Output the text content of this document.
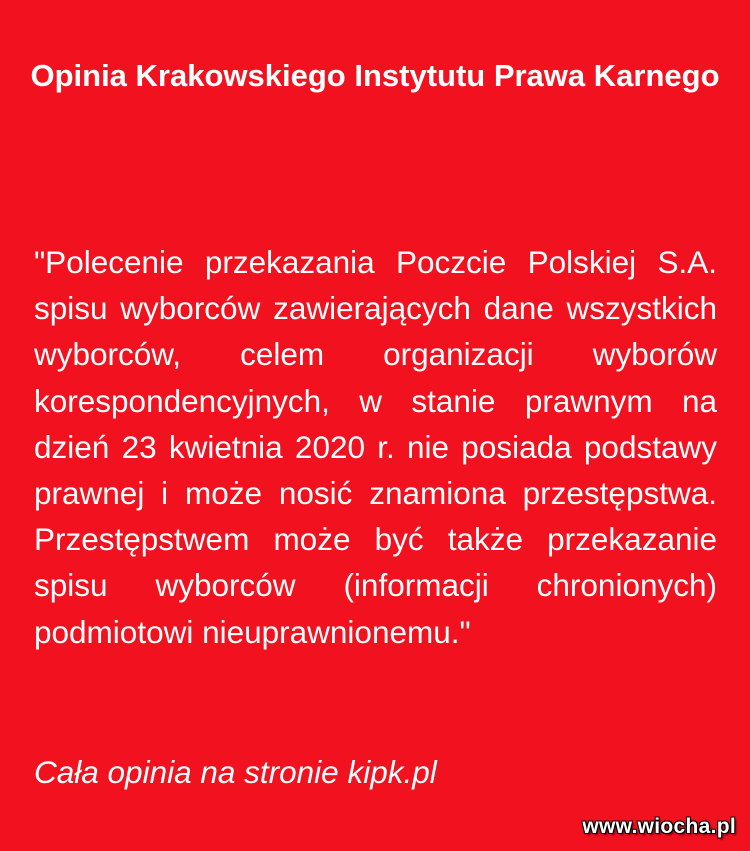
Opinia Krakowskiego Instytutu Prawa Karnego

"Polecenie przekazania Poczcie Polskiej S.A. spisu wyborców zawierających dane wszystkich wyborców, celem organizacji wyborów korespondencyjnych, w stanie prawnym na dzień 23 kwietnia 2020 r. nie posiada podstawy prawnej i może nosić znamiona przestępstwa. Przestępstwem może być także przekazanie spisu wyborców (informacji chronionych) podmiotowi nieuprawnionemu."

Cała opinia na stronie kipk.pl
www.wiocha.pl
